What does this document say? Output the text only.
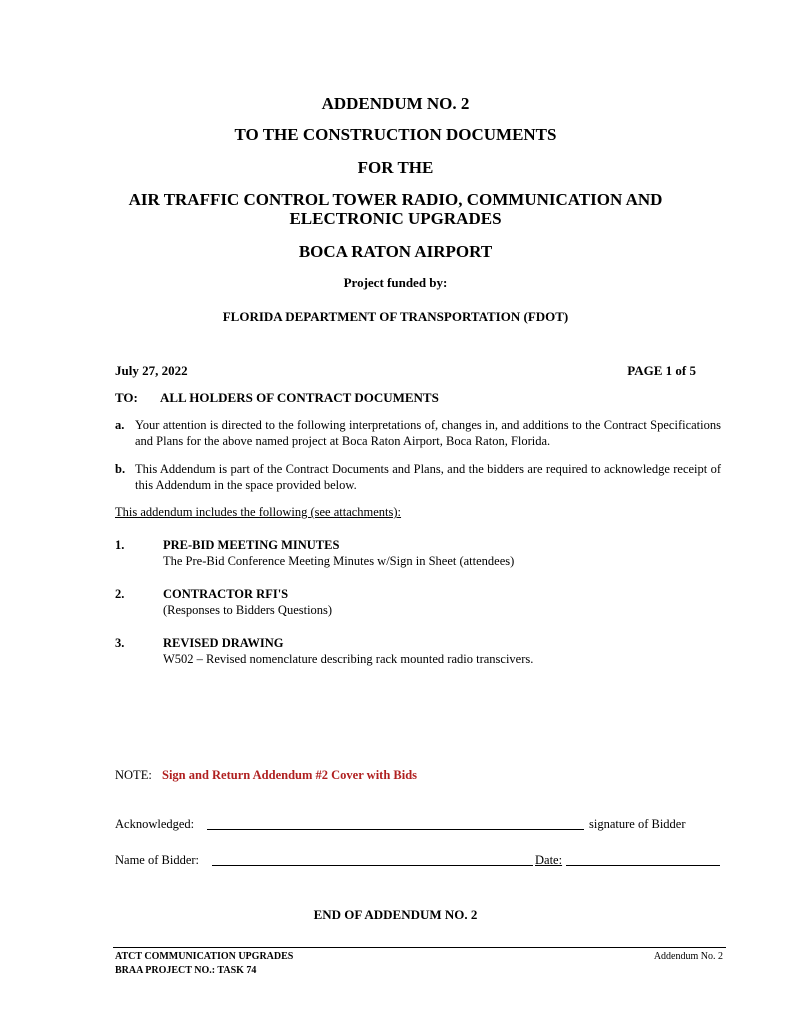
ADDENDUM NO. 2
TO THE CONSTRUCTION DOCUMENTS
FOR THE
AIR TRAFFIC CONTROL TOWER RADIO, COMMUNICATION AND
ELECTRONIC UPGRADES
BOCA RATON AIRPORT
Project funded by:
FLORIDA DEPARTMENT OF TRANSPORTATION (FDOT)
July 27, 2022	PAGE 1 of 5
TO: ALL HOLDERS OF CONTRACT DOCUMENTS
a. Your attention is directed to the following interpretations of, changes in, and additions to the Contract Specifications and Plans for the above named project at Boca Raton Airport, Boca Raton, Florida.
b. This Addendum is part of the Contract Documents and Plans, and the bidders are required to acknowledge receipt of this Addendum in the space provided below.
This addendum includes the following (see attachments):
1.	PRE-BID MEETING MINUTES
The Pre-Bid Conference Meeting Minutes w/Sign in Sheet (attendees)
2.	CONTRACTOR RFI'S
(Responses to Bidders Questions)
3.	REVISED DRAWING
W502 – Revised nomenclature describing rack mounted radio transcivers.
NOTE: Sign and Return Addendum #2 Cover with Bids
Acknowledged:	signature of Bidder
Name of Bidder:	Date:
END OF ADDENDUM NO. 2
ATCT COMMUNICATION UPGRADES
BRAA PROJECT NO.: TASK 74
Addendum No. 2
